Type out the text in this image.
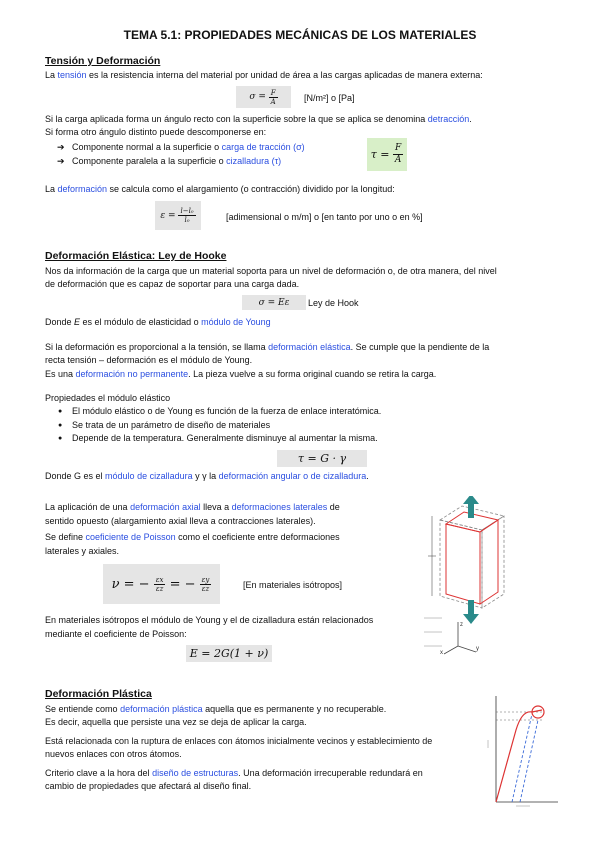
TEMA 5.1: PROPIEDADES MECÁNICAS DE LOS MATERIALES
Tensión y Deformación
La tensión es la resistencia interna del material por unidad de área a las cargas aplicadas de manera externa:
σ =
$\frac{F}{A}$	[N/m²] o [Pa]
Si la carga aplicada forma un ángulo recto con la superficie sobre la que se aplica se denomina detracción.
Si forma otro ángulo distinto puede descomponerse en:
➔ Componente normal a la superficie o carga de tracción (σ)
➔ Componente paralela a la superficie o cizalladura (τ)	τ =
$\frac{F}{A}$
La deformación se calcula como el alargamiento (o contracción) dividido por la longitud:
ε =
$\frac{\text{l−l₀}}{\text{l₀}}$	[adimensional o m/m] o [en tanto por uno o en %]
Deformación Elástica: Ley de Hooke
Nos da información de la carga que un material soporta para un nivel de deformación o, de otra manera, del nivel
de deformación que es capaz de soportar para una carga dada.
σ = Eε	Ley de Hook
Donde E es el módulo de elasticidad o módulo de Young
Si la deformación es proporcional a la tensión, se llama deformación elástica. Se cumple que la pendiente de la
recta tensión – deformación es el módulo de Young.
Es una deformación no permanente. La pieza vuelve a su forma original cuando se retira la carga.
Propiedades el módulo elástico
● El módulo elástico o de Young es función de la fuerza de enlace interatómica.
● Se trata de un parámetro de diseño de materiales
● Depende de la temperatura. Generalmente disminuye al aumentar la misma.
τ = G · γ
Donde G es el módulo de cizalladura y γ la deformación angular o de cizalladura.
La aplicación de una deformación axial lleva a deformaciones laterales de
sentido opuesto (alargamiento axial lleva a contracciones laterales).
Se define coeficiente de Poisson como el coeficiente entre deformaciones
laterales y axiales.
ν = −
$\frac{\varepsilon x}{\varepsilon z}$
= −
$\frac{\varepsilon y}{\varepsilon z}$	[En materiales isótropos]
En materiales isótropos el módulo de Young y el de cizalladura están relacionados
mediante el coeficiente de Poisson:
E = 2G(1 + ν)
z
y
x
Deformación Plástica
Se entiende como deformación plástica aquella que es permanente y no recuperable.
Es decir, aquella que persiste una vez se deja de aplicar la carga.
Está relacionada con la ruptura de enlaces con átomos inicialmente vecinos y establecimiento de
nuevos enlaces con otros átomos.
Criterio clave a la hora del diseño de estructuras. Una deformación irrecuperable redundará en
cambio de propiedades que afectará al diseño final.
